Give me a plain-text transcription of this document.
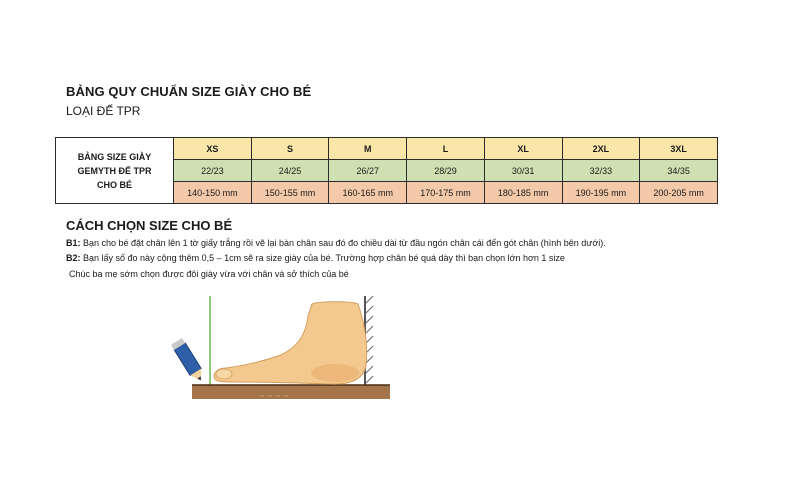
BẢNG QUY CHUẨN SIZE GIÀY CHO BÉ
LOẠI ĐẾ TPR
BẢNG SIZE GIÀY
GEMYTH ĐẾ TPR
CHO BÉ	XS	S	M	L	XL	2XL	3XL
	22/23	24/25	26/27	28/29	30/31	32/33	34/35
	140-150 mm	150-155 mm	160-165 mm	170-175 mm	180-185 mm	190-195 mm	200-205 mm
CÁCH CHỌN SIZE CHO BÉ
B1: Bạn cho bé đặt chân lên 1 tờ giấy trắng rồi vẽ lại bàn chân sau đó đo chiều dài từ đầu ngón chân cái đến gót chân (hình bên dưới).
B2: Bạn lấy số đo này cộng thêm 0,5 – 1cm sẽ ra size giày của bé. Trường hợp chân bé quá dày thì bạn chọn lớn hơn 1 size
Chúc ba mẹ sớm chọn được đôi giày vừa với chân và sở thích của bé
